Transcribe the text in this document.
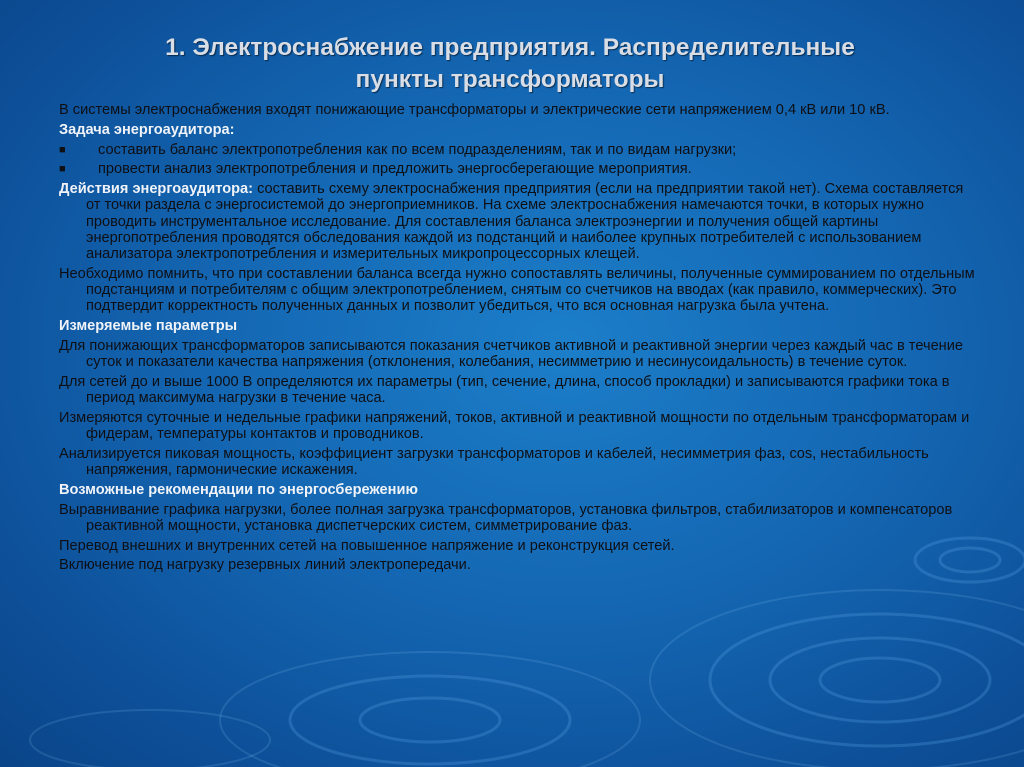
1. Электроснабжение предприятия. Распределительные
пункты трансформаторы

В системы электроснабжения входят понижающие трансформаторы и электрические сети напряжением 0,4 кВ или 10 кВ.

Задача энергоаудитора:

■ составить баланс электропотребления как по всем подразделениям, так и по видам нагрузки;
■ провести анализ электропотребления и предложить энергосберегающие мероприятия.

Действия энергоаудитора: составить схему электроснабжения предприятия (если на предприятии такой нет). Схема составляется от точки раздела с энергосистемой до энергоприемников. На схеме электроснабжения намечаются точки, в которых нужно проводить инструментальное исследование. Для составления баланса электроэнергии и получения общей картины энергопотребления проводятся обследования каждой из подстанций и наиболее крупных потребителей с использованием анализатора электропотребления и измерительных микропроцессорных клещей.

Необходимо помнить, что при составлении баланса всегда нужно сопоставлять величины, полученные суммированием по отдельным подстанциям и потребителям с общим электропотреблением, снятым со счетчиков на вводах (как правило, коммерческих). Это подтвердит корректность полученных данных и позволит убедиться, что вся основная нагрузка была учтена.

Измеряемые параметры

Для понижающих трансформаторов записываются показания счетчиков активной и реактивной энергии через каждый час в течение суток и показатели качества напряжения (отклонения, колебания, несимметрию и несинусоидальность) в течение суток.

Для сетей до и выше 1000 В определяются их параметры (тип, сечение, длина, способ прокладки) и записываются графики тока в период максимума нагрузки в течение часа.

Измеряются суточные и недельные графики напряжений, токов, активной и реактивной мощности по отдельным трансформаторам и фидерам, температуры контактов и проводников.

Анализируется пиковая мощность, коэффициент загрузки трансформаторов и кабелей, несимметрия фаз, cos, нестабильность напряжения, гармонические искажения.

Возможные рекомендации по энергосбережению

Выравнивание графика нагрузки, более полная загрузка трансформаторов, установка фильтров, стабилизаторов и компенсаторов реактивной мощности, установка диспетчерских систем, симметрирование фаз.

Перевод внешних и внутренних сетей на повышенное напряжение и реконструкция сетей.

Включение под нагрузку резервных линий электропередачи.
